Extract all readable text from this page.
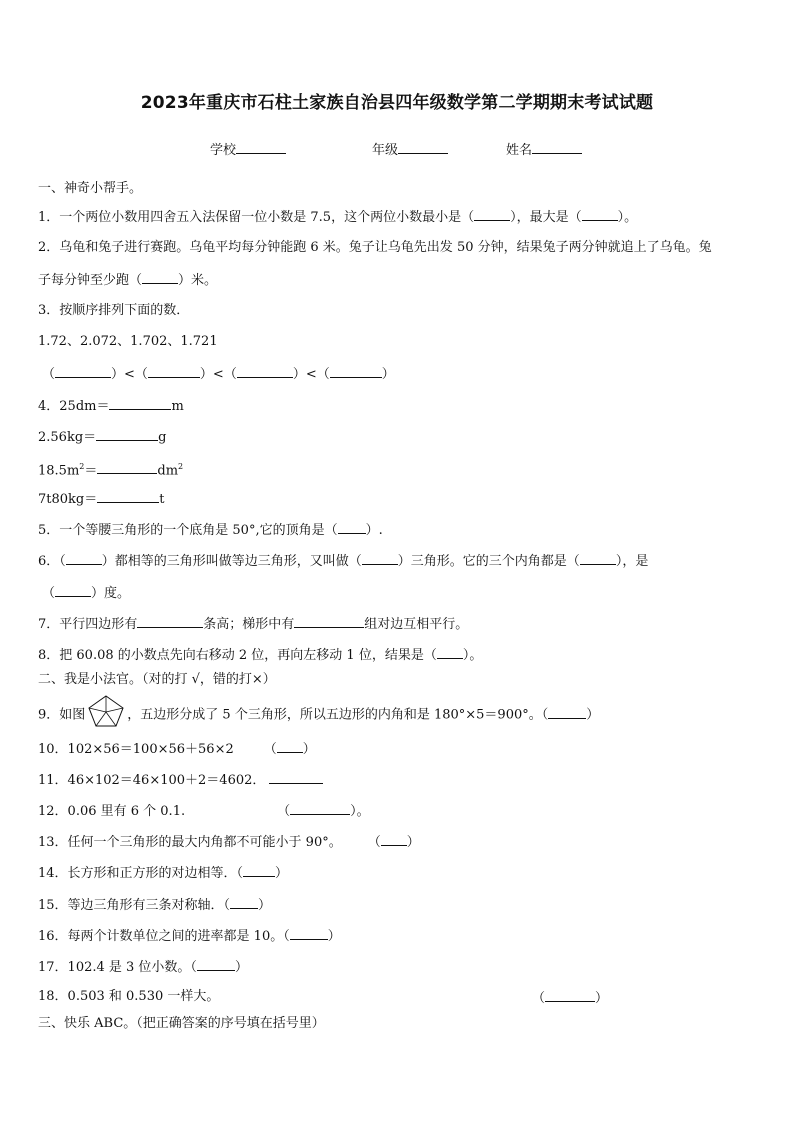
2023年重庆市石柱土家族自治县四年级数学第二学期期末考试试题
学校	年级	姓名
一、神奇小帮手。
1．一个两位小数用四舍五入法保留一位小数是 7.5，这个两位小数最小是（	），最大是（	）。
2．乌龟和兔子进行赛跑。乌龟平均每分钟能跑 6 米。兔子让乌龟先出发 50 分钟，结果兔子两分钟就追上了乌龟。兔
子每分钟至少跑（	）米。
3．按顺序排列下面的数．
1.72、2.072、1.702、1.721
（	）<（	）<（	）<（	）
4．25dm＝	m
2.56kg＝	g
$18.5m^2=$	$dm^2$
7t80kg＝	t
5．一个等腰三角形的一个底角是 50°,它的顶角是（ ）.
6．（	）都相等的三角形叫做等边三角形，又叫做（	）三角形。它的三个内角都是（	），是
（	）度。
7．平行四边形有	条高；梯形中有	组对边互相平行。
8．把 60.08 的小数点先向右移动 2 位，再向左移动 1 位，结果是（ ）。
二、我是小法官。（对的打 √，错的打×）
9．如图	，五边形分成了 5 个三角形，所以五边形的内角和是 180°×5＝900°。（	）
10．102×56＝100×56＋56×2 （ ）
11．46×102＝46×100＋2＝4602．
12．0.06 里有 6 个 0.1.	（	）。
13．任何一个三角形的最大内角都不可能小于 90°。 （ ）
14．长方形和正方形的对边相等．（ ）
15．等边三角形有三条对称轴．（ ）
16．每两个计数单位之间的进率都是 10。（	）
17．102.4 是 3 位小数。（	）
18．0.503 和 0.530 一样大。	（	）
三、快乐 ABC。（把正确答案的序号填在括号里）
